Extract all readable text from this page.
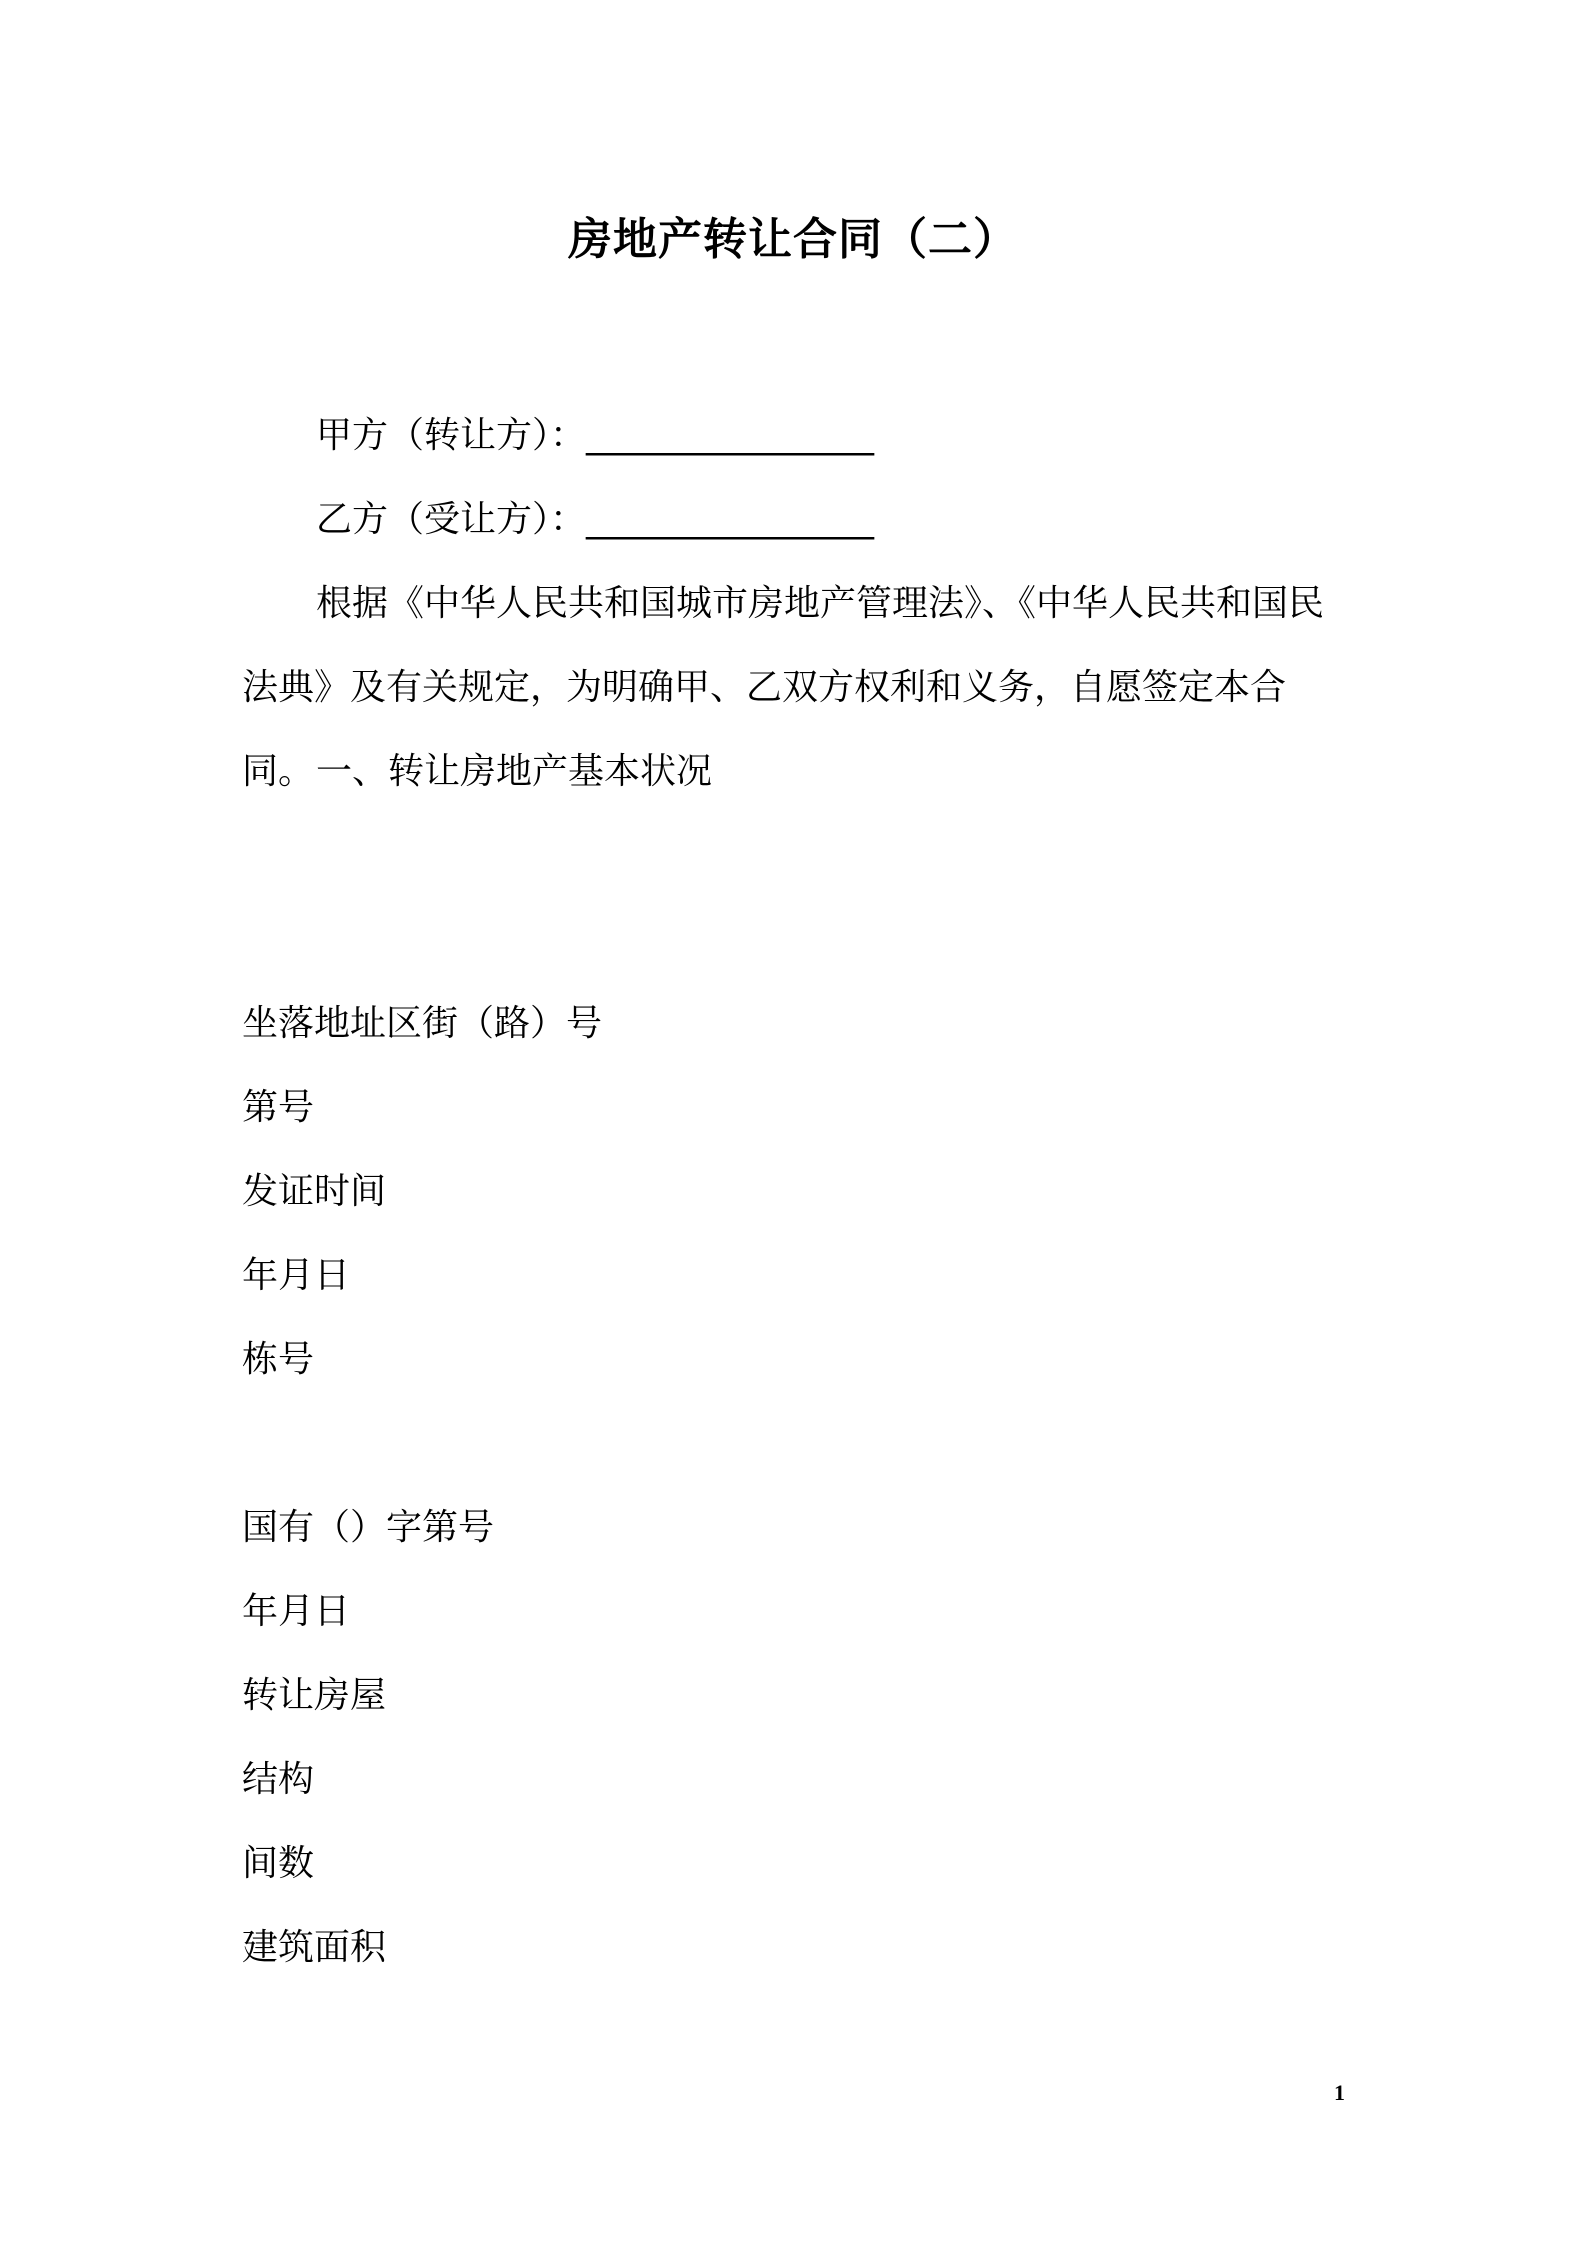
房地产转让合同（二）
甲方（转让方）：________________
乙方（受让方）：________________
根据《中华人民共和国城市房地产管理法》、《中华人民共和国民法典》及有关规定，为明确甲、乙双方权利和义务，自愿签定本合同。 一、转让房地产基本状况
坐落地址区街（路）号
第号
发证时间
年月日
栋号
国有（）字第号
年月日
转让房屋
结构
间数
建筑面积
1
